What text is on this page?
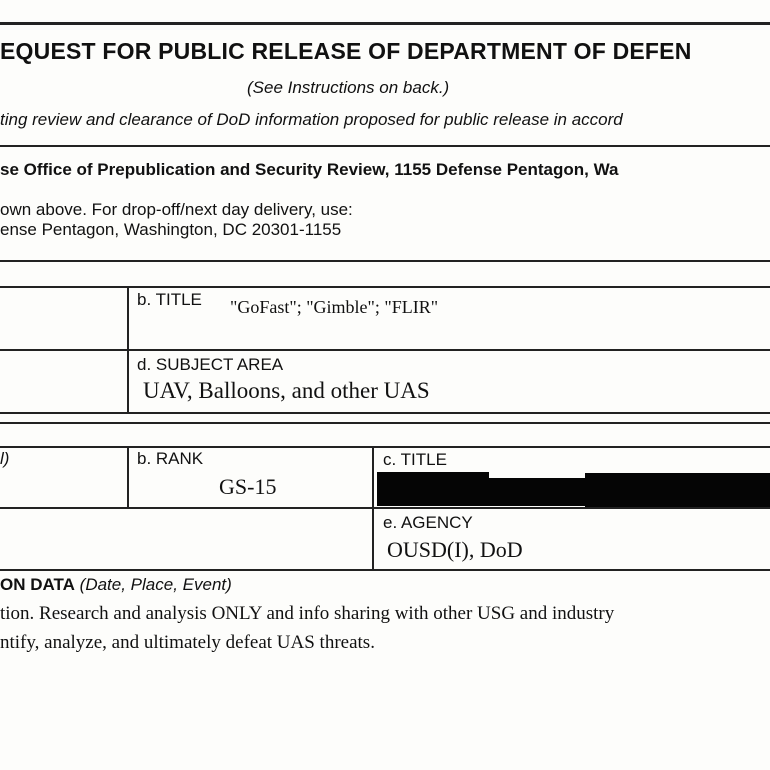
EQUEST FOR PUBLIC RELEASE OF DEPARTMENT OF DEFEN
(See Instructions on back.)
ting review and clearance of DoD information proposed for public release in accord
se Office of Prepublication and Security Review, 1155 Defense Pentagon, Wa
own above. For drop-off/next day delivery, use:
ense Pentagon, Washington, DC 20301-1155
b. TITLE "GoFast"; "Gimble"; "FLIR"
d. SUBJECT AREA
UAV, Balloons, and other UAS
l)	b. RANK
GS-15
c. TITLE
e. AGENCY
OUSD(I), DoD
ON DATA (Date, Place, Event)
tion. Research and analysis ONLY and info sharing with other USG and industry
ntify, analyze, and ultimately defeat UAS threats.
